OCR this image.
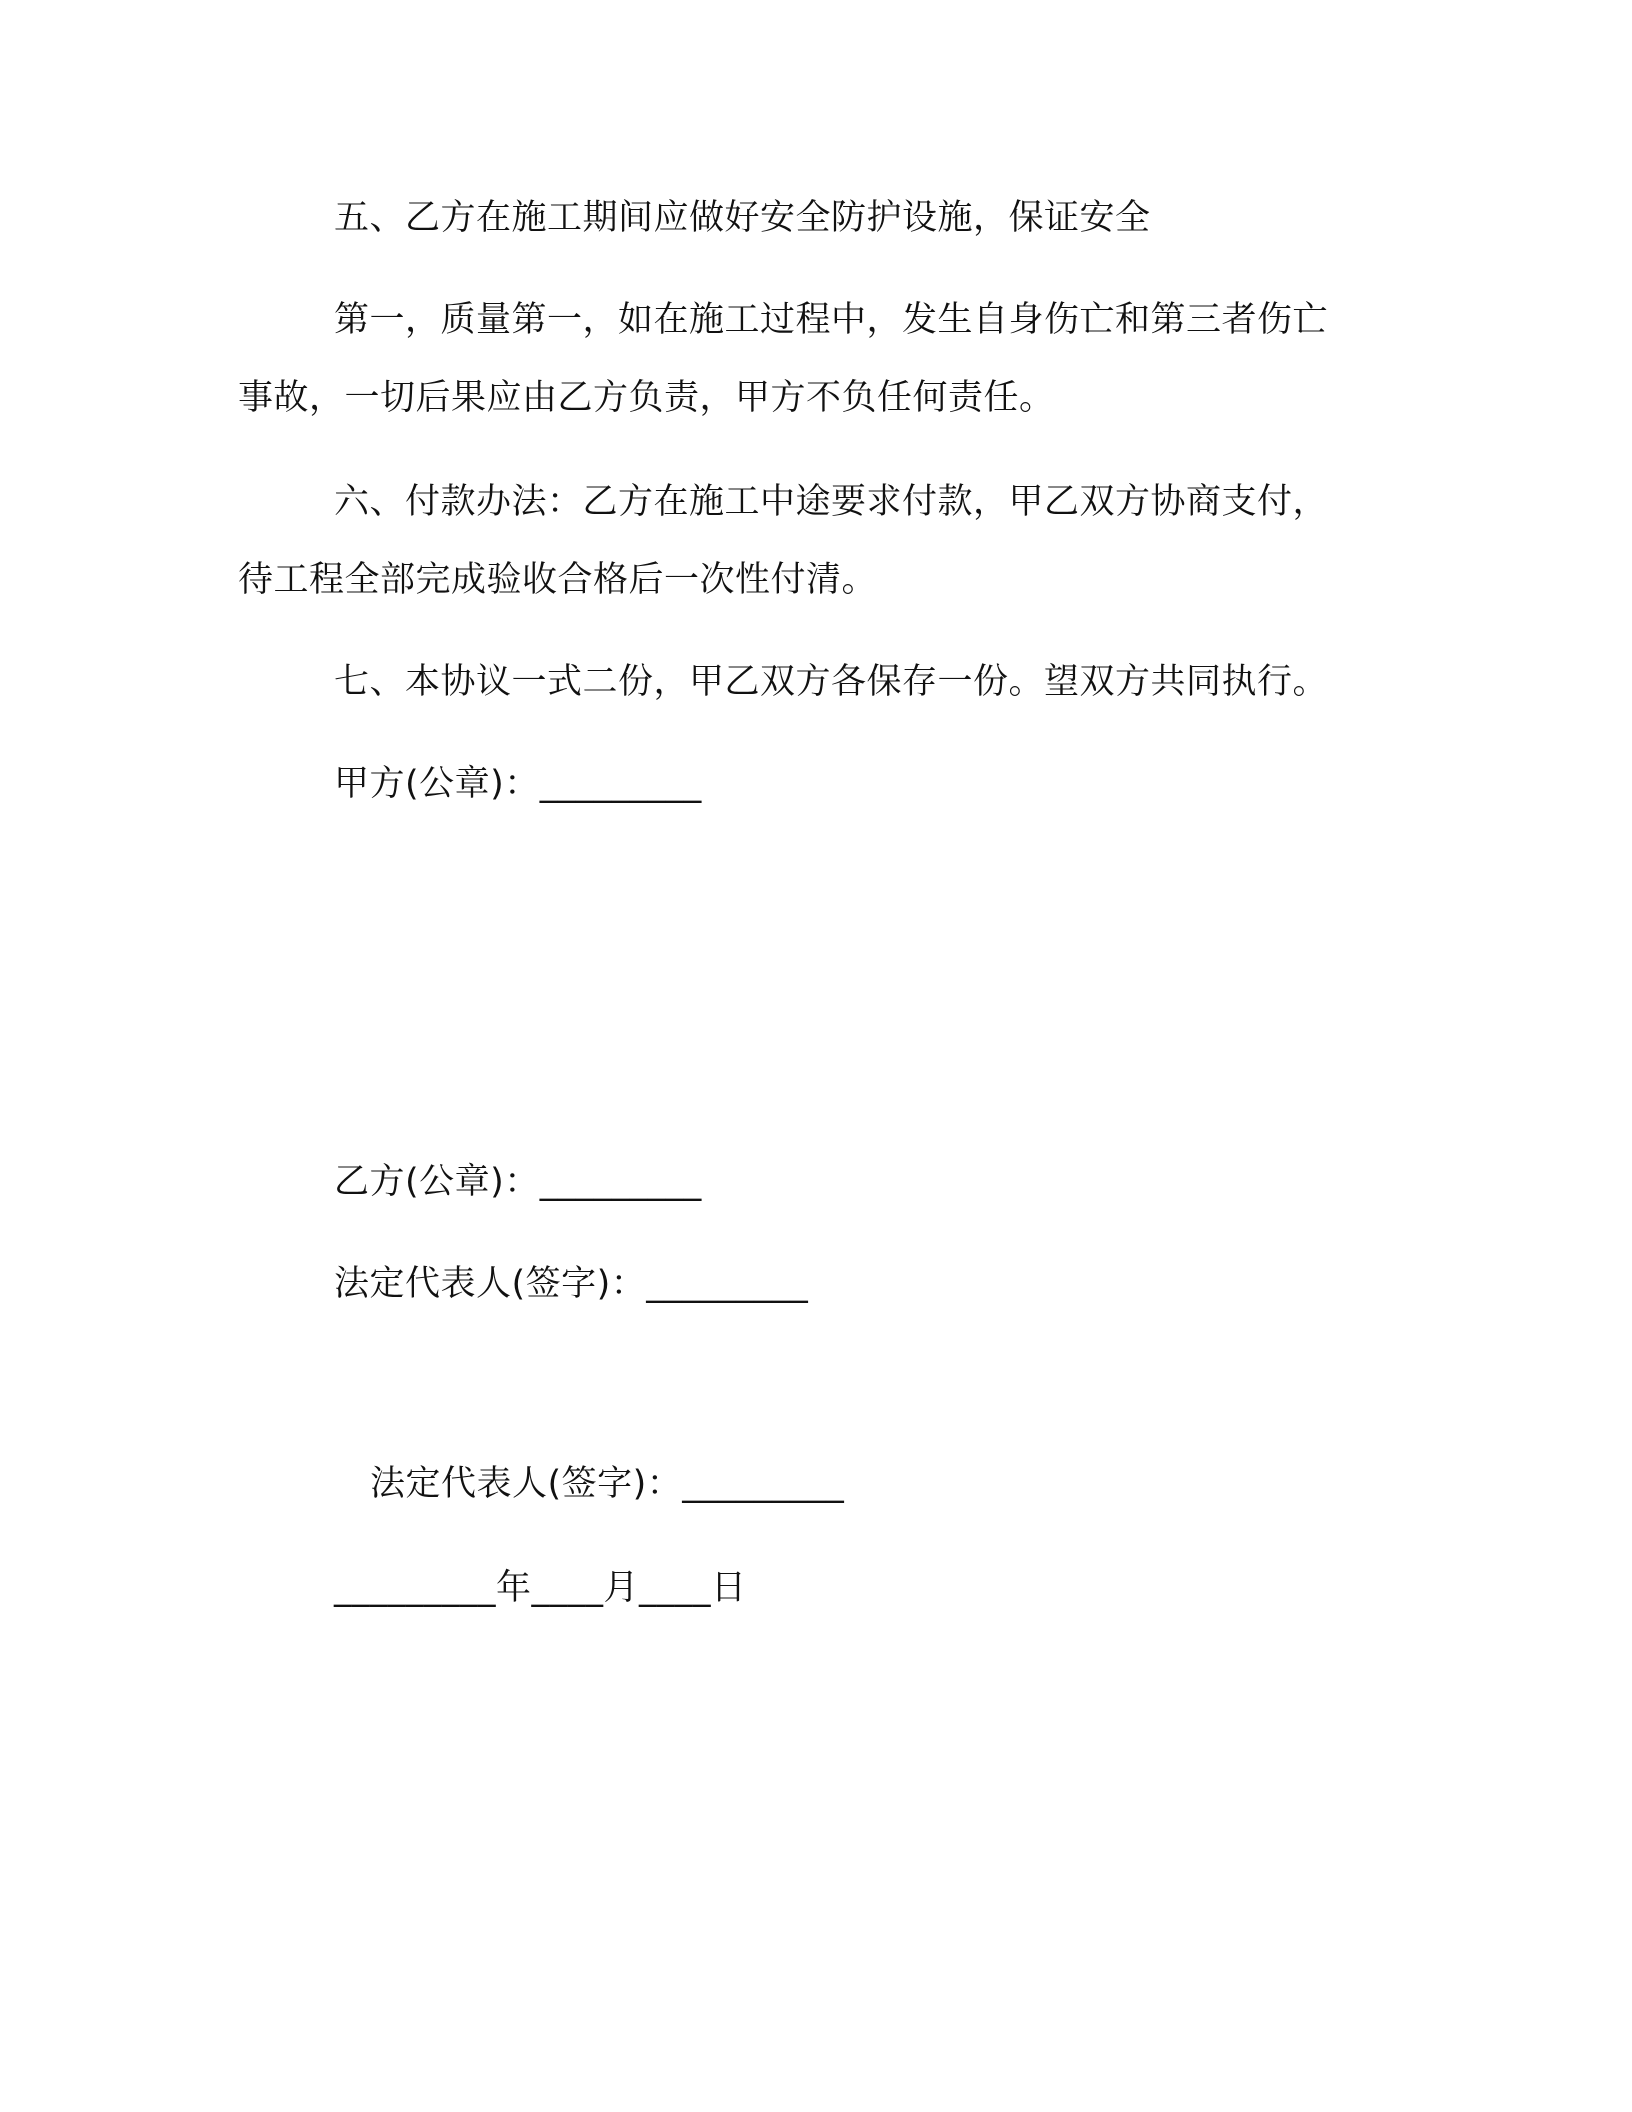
五、乙方在施工期间应做好安全防护设施，保证安全
第一，质量第一，如在施工过程中，发生自身伤亡和第三者伤亡
事故，一切后果应由乙方负责，甲方不负任何责任。
六、付款办法：乙方在施工中途要求付款，甲乙双方协商支付，
待工程全部完成验收合格后一次性付清。
七、本协议一式二份，甲乙双方各保存一份。望双方共同执行。
甲方(公章)：_________
乙方(公章)：_________
法定代表人(签字)：_________
法定代表人(签字)：_________
_________年____月____日
